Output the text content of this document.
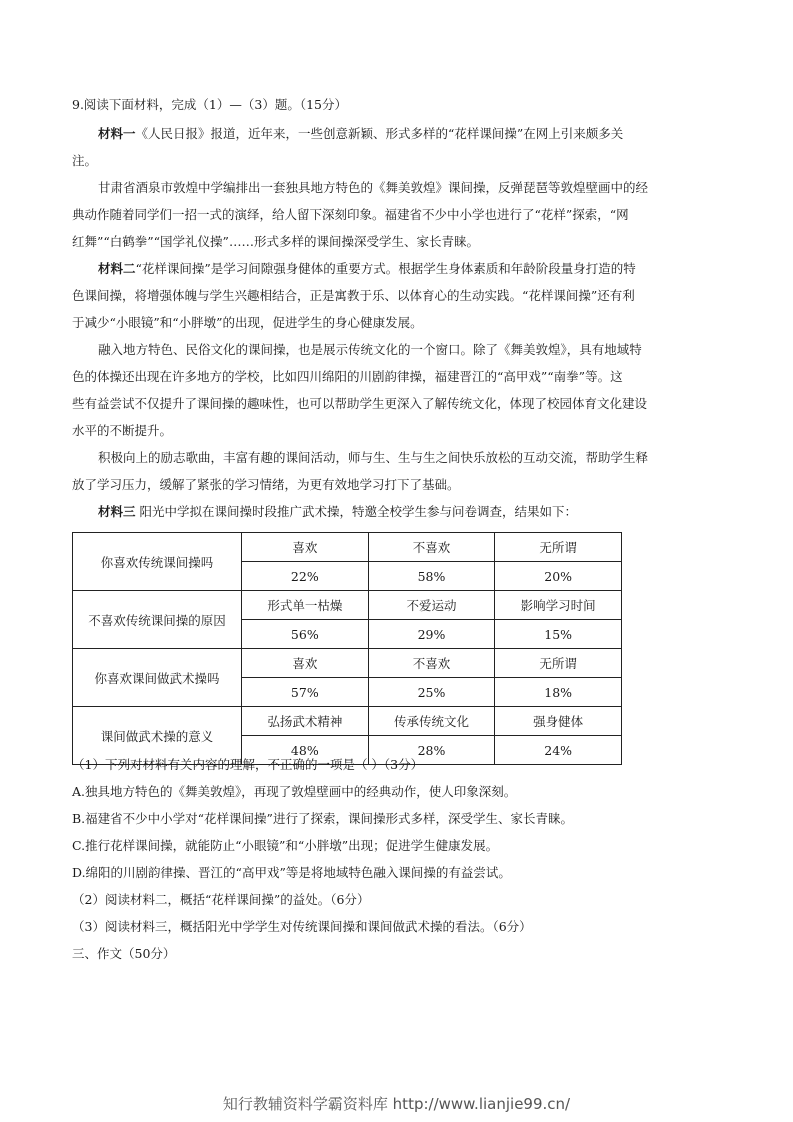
9.阅读下面材料，完成（1）—（3）题。（15分）
材料一《人民日报》报道，近年来，一些创意新颖、形式多样的“花样课间操”在网上引来颇多关
注。
甘肃省酒泉市敦煌中学编排出一套独具地方特色的《舞美敦煌》课间操，反弹琵琶等敦煌壁画中的经
典动作随着同学们一招一式的演绎，给人留下深刻印象。福建省不少中小学也进行了“花样”探索，“网
红舞”“白鹤拳”“国学礼仪操”……形式多样的课间操深受学生、家长青睐。
材料二“花样课间操”是学习间隙强身健体的重要方式。根据学生身体素质和年龄阶段量身打造的特
色课间操，将增强体魄与学生兴趣相结合，正是寓教于乐、以体育心的生动实践。“花样课间操”还有利
于减少“小眼镜”和“小胖墩”的出现，促进学生的身心健康发展。
融入地方特色、民俗文化的课间操，也是展示传统文化的一个窗口。除了《舞美敦煌》，具有地域特
色的体操还出现在许多地方的学校，比如四川绵阳的川剧韵律操，福建晋江的“高甲戏”“南拳”等。这
些有益尝试不仅提升了课间操的趣味性，也可以帮助学生更深入了解传统文化，体现了校园体育文化建设
水平的不断提升。
积极向上的励志歌曲，丰富有趣的课间活动，师与生、生与生之间快乐放松的互动交流，帮助学生释
放了学习压力，缓解了紧张的学习情绪，为更有效地学习打下了基础。
材料三 阳光中学拟在课间操时段推广武术操，特邀全校学生参与问卷调查，结果如下：
你喜欢传统课间操吗	喜欢	不喜欢	无所谓
	22%	58%	20%
不喜欢传统课间操的原因	形式单一枯燥	不爱运动	影响学习时间
	56%	29%	15%
你喜欢课间做武术操吗	喜欢	不喜欢	无所谓
	57%	25%	18%
课间做武术操的意义	弘扬武术精神	传承传统文化	强身健体
	48%	28%	24%
（1）下列对材料有关内容的理解，不正确的一项是（ ）（3分）
A.独具地方特色的《舞美敦煌》，再现了敦煌壁画中的经典动作，使人印象深刻。
B.福建省不少中小学对“花样课间操”进行了探索，课间操形式多样，深受学生、家长青睐。
C.推行花样课间操，就能防止“小眼镜”和“小胖墩”出现；促进学生健康发展。
D.绵阳的川剧韵律操、晋江的“高甲戏”等是将地域特色融入课间操的有益尝试。
（2）阅读材料二，概括“花样课间操”的益处。（6分）
（3）阅读材料三，概括阳光中学学生对传统课间操和课间做武术操的看法。（6分）
三、作文（50分）
知行教辅资料学霸资料库 http://www.lianjie99.cn/
